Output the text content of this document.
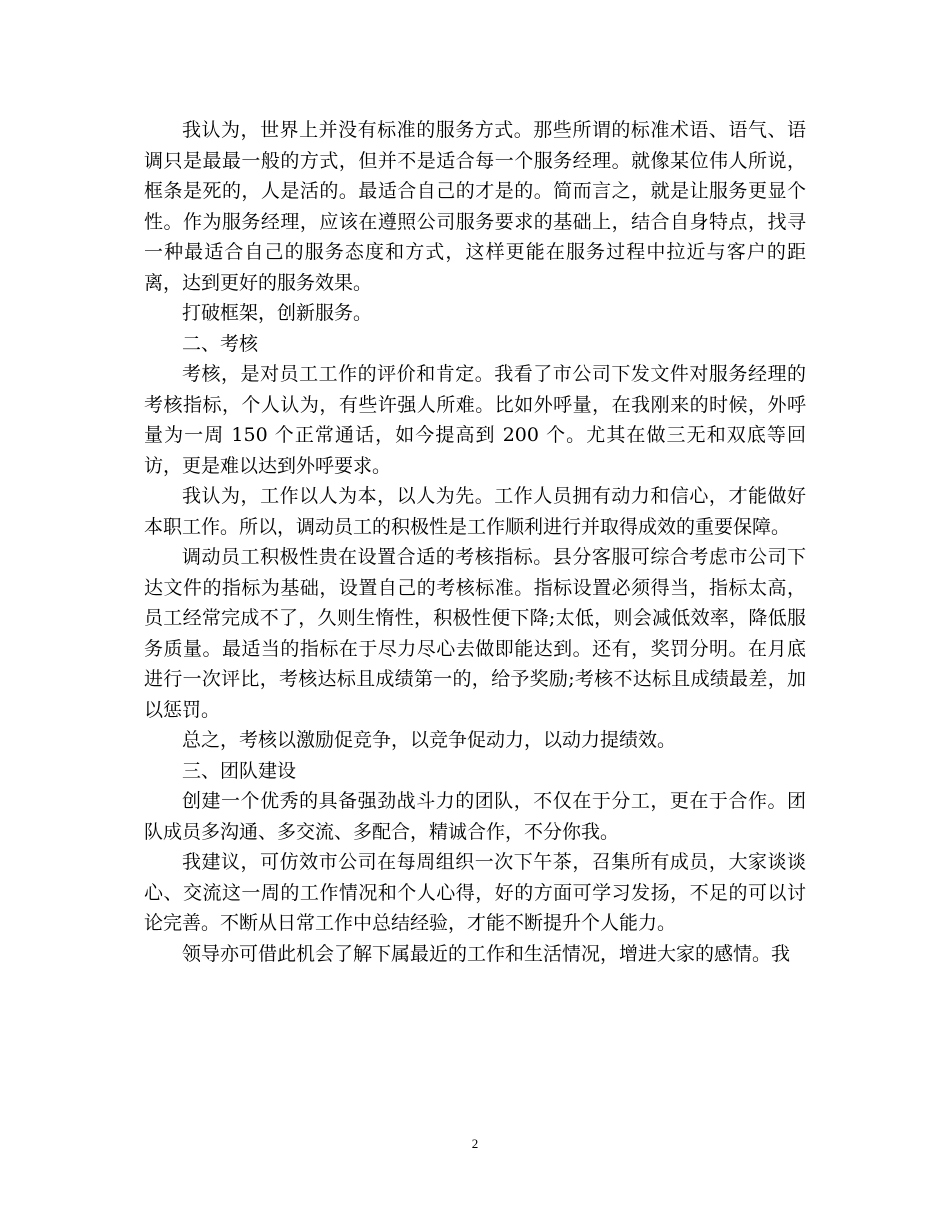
我认为，世界上并没有标准的服务方式。那些所谓的标准术语、语气、语调只是最最一般的方式，但并不是适合每一个服务经理。就像某位伟人所说，框条是死的，人是活的。最适合自己的才是的。简而言之，就是让服务更显个性。作为服务经理，应该在遵照公司服务要求的基础上，结合自身特点，找寻一种最适合自己的服务态度和方式，这样更能在服务过程中拉近与客户的距离，达到更好的服务效果。

打破框架，创新服务。

二、考核

考核，是对员工工作的评价和肯定。我看了市公司下发文件对服务经理的考核指标，个人认为，有些许强人所难。比如外呼量，在我刚来的时候，外呼量为一周 150 个正常通话，如今提高到 200 个。尤其在做三无和双底等回访，更是难以达到外呼要求。

我认为，工作以人为本，以人为先。工作人员拥有动力和信心，才能做好本职工作。所以，调动员工的积极性是工作顺利进行并取得成效的重要保障。

调动员工积极性贵在设置合适的考核指标。县分客服可综合考虑市公司下达文件的指标为基础，设置自己的考核标准。指标设置必须得当，指标太高，员工经常完成不了，久则生惰性，积极性便下降;太低，则会减低效率，降低服务质量。最适当的指标在于尽力尽心去做即能达到。还有，奖罚分明。在月底进行一次评比，考核达标且成绩第一的，给予奖励;考核不达标且成绩最差，加以惩罚。

总之，考核以激励促竞争，以竞争促动力，以动力提绩效。

三、团队建设

创建一个优秀的具备强劲战斗力的团队，不仅在于分工，更在于合作。团队成员多沟通、多交流、多配合，精诚合作，不分你我。

我建议，可仿效市公司在每周组织一次下午茶，召集所有成员，大家谈谈心、交流这一周的工作情况和个人心得，好的方面可学习发扬，不足的可以讨论完善。不断从日常工作中总结经验，才能不断提升个人能力。

领导亦可借此机会了解下属最近的工作和生活情况，增进大家的感情。我

2
